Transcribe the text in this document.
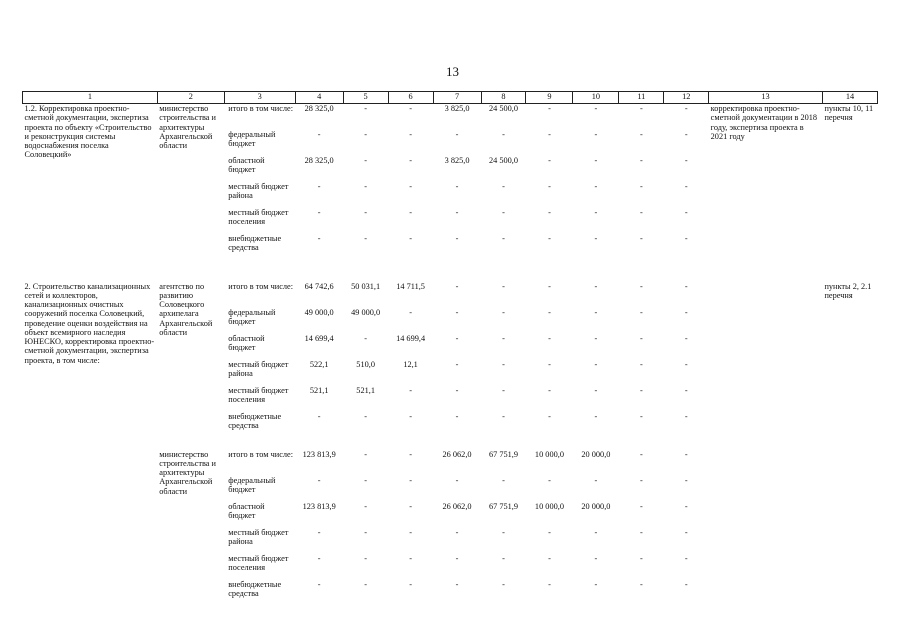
13
1	2	3	4	5	6	7	8	9	10	11	12	13	14
1.2. Корректировка проектно-сметной документации, экспертиза проекта по объекту «Строительство и реконструкция системы водоснабжения поселка Соловецкий»	министерство строительства и архитектуры Архангельской области	итого в том числе:	28 325,0	-	-	3 825,0	24 500,0	-	-	-	-	корректировка проектно-сметной документации в 2018 году, экспертиза проекта в 2021 году	пункты 10, 11 перечня
		федеральный бюджет	-	-	-	-	-	-	-	-	-		
		областной бюджет	28 325,0	-	-	3 825,0	24 500,0	-	-	-	-		
		местный бюджет района	-	-	-	-	-	-	-	-	-		
		местный бюджет поселения	-	-	-	-	-	-	-	-	-		
		внебюджетные средства	-	-	-	-	-	-	-	-	-		

2. Строительство канализационных сетей и коллекторов, канализационных очистных сооружений поселка Соловецкий, проведение оценки воздействия на объект всемирного наследия ЮНЕСКО, корректировка проектно-сметной документации, экспертиза проекта, в том числе:	агентство по развитию Соловецкого архипелага Архангельской области	итого в том числе:	64 742,6	50 031,1	14 711,5	-	-	-	-	-	-		пункты 2, 2.1 перечня
		федеральный бюджет	49 000,0	49 000,0	-	-	-	-	-	-	-		
		областной бюджет	14 699,4	-	14 699,4	-	-	-	-	-	-		
		местный бюджет района	522,1	510,0	12,1	-	-	-	-	-	-		
		местный бюджет поселения	521,1	521,1	-	-	-	-	-	-	-		
		внебюджетные средства	-	-	-	-	-	-	-	-	-		

	министерство строительства и архитектуры Архангельской области	итого в том числе:	123 813,9	-	-	26 062,0	67 751,9	10 000,0	20 000,0	-	-		
		федеральный бюджет	-	-	-	-	-	-	-	-	-		
		областной бюджет	123 813,9	-	-	26 062,0	67 751,9	10 000,0	20 000,0	-	-		
		местный бюджет района	-	-	-	-	-	-	-	-	-		
		местный бюджет поселения	-	-	-	-	-	-	-	-	-		
		внебюджетные средства	-	-	-	-	-	-	-	-	-		
